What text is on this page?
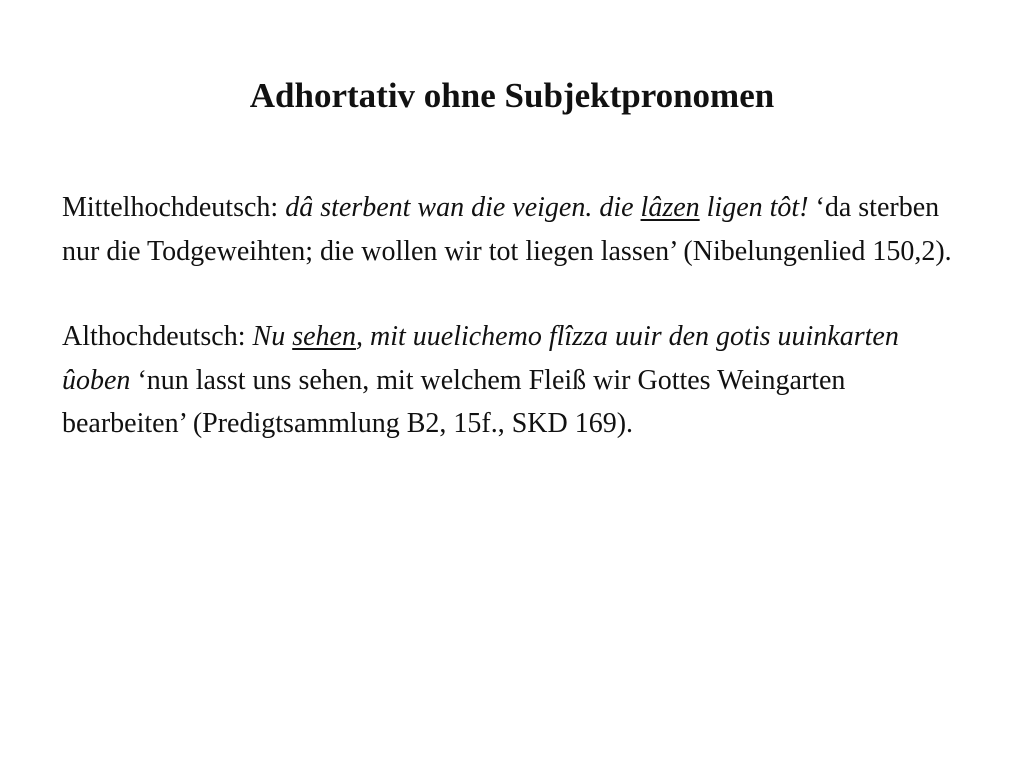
Adhortativ ohne Subjektpronomen

Mittelhochdeutsch: dâ sterbent wan die veigen. die lâzen ligen tôt! ‘da sterben nur die Todgeweihten; die wollen wir tot liegen lassen’ (Nibelungenlied 150,2).

Althochdeutsch: Nu sehen, mit uuelichemo flîzza uuir den gotis uuinkarten ûoben ‘nun lasst uns sehen, mit welchem Fleiß wir Gottes Weingarten bearbeiten’ (Predigtsammlung B2, 15f., SKD 169).
